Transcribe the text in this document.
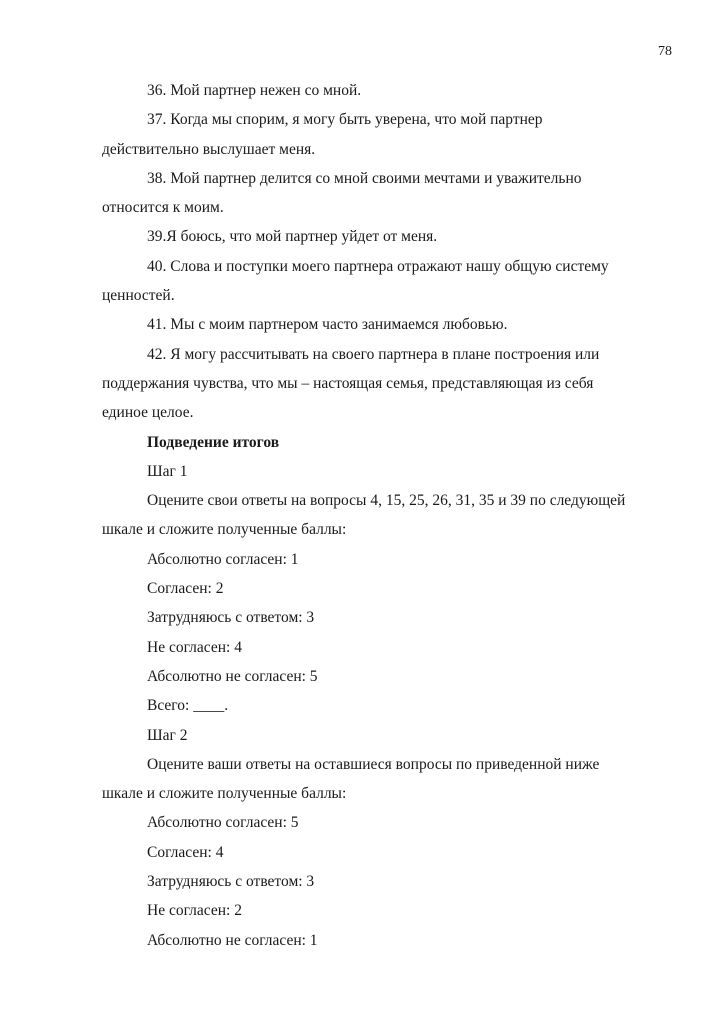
78
36. Мой партнер нежен со мной.
37. Когда мы спорим, я могу быть уверена, что мой партнер
действительно выслушает меня.
38. Мой партнер делится со мной своими мечтами и уважительно
относится к моим.
39.Я боюсь, что мой партнер уйдет от меня.
40. Слова и поступки моего партнера отражают нашу общую систему
ценностей.
41. Мы с моим партнером часто занимаемся любовью.
42. Я могу рассчитывать на своего партнера в плане построения или
поддержания чувства, что мы – настоящая семья, представляющая из себя
единое целое.
Подведение итогов
Шаг 1
Оцените свои ответы на вопросы 4, 15, 25, 26, 31, 35 и 39 по следующей
шкале и сложите полученные баллы:
Абсолютно согласен: 1
Согласен: 2
Затрудняюсь с ответом: 3
Не согласен: 4
Абсолютно не согласен: 5
Всего: ____.
Шаг 2
Оцените ваши ответы на оставшиеся вопросы по приведенной ниже
шкале и сложите полученные баллы:
Абсолютно согласен: 5
Согласен: 4
Затрудняюсь с ответом: 3
Не согласен: 2
Абсолютно не согласен: 1
